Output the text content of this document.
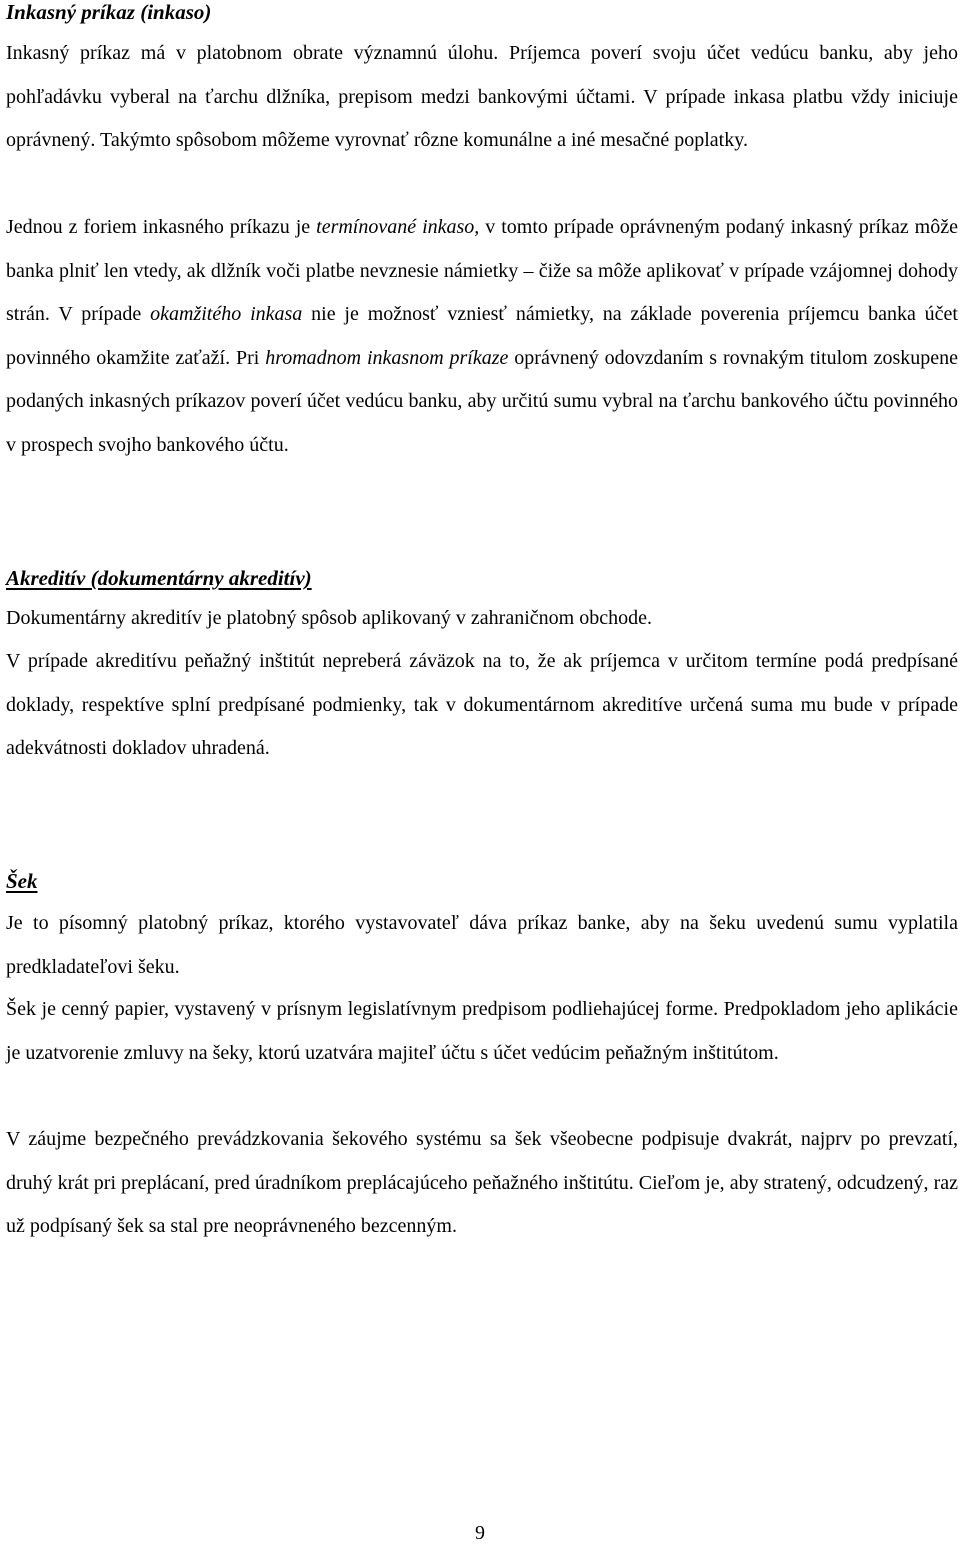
Inkasný príkaz (inkaso)

Inkasný príkaz má v platobnom obrate významnú úlohu. Príjemca poverí svoju účet vedúcu banku, aby jeho pohľadávku vyberal na ťarchu dlžníka, prepisom medzi bankovými účtami. V prípade inkasa platbu vždy iniciuje oprávnený. Takýmto spôsobom môžeme vyrovnať rôzne komunálne a iné mesačné poplatky.

Jednou z foriem inkasného príkazu je termínované inkaso, v tomto prípade oprávneným podaný inkasný príkaz môže banka plniť len vtedy, ak dlžník voči platbe nevznesie námietky – čiže sa môže aplikovať v prípade vzájomnej dohody strán. V prípade okamžitého inkasa nie je možnosť vzniesť námietky, na základe poverenia príjemcu banka účet povinného okamžite zaťaží. Pri hromadnom inkasnom príkaze oprávnený odovzdaním s rovnakým titulom zoskupene podaných inkasných príkazov poverí účet vedúcu banku, aby určitú sumu vybral na ťarchu bankového účtu povinného v prospech svojho bankového účtu.

Akreditív (dokumentárny akreditív)

Dokumentárny akreditív je platobný spôsob aplikovaný v zahraničnom obchode.

V prípade akreditívu peňažný inštitút nepreberá záväzok na to, že ak príjemca v určitom termíne podá predpísané doklady, respektíve splní predpísané podmienky, tak v dokumentárnom akreditíve určená suma mu bude v prípade adekvátnosti dokladov uhradená.

Šek

Je to písomný platobný príkaz, ktorého vystavovateľ dáva príkaz banke, aby na šeku uvedenú sumu vyplatila predkladateľovi šeku.

Šek je cenný papier, vystavený v prísnym legislatívnym predpisom podliehajúcej forme. Predpokladom jeho aplikácie je uzatvorenie zmluvy na šeky, ktorú uzatvára majiteľ účtu s účet vedúcim peňažným inštitútom.

V záujme bezpečného prevádzkovania šekového systému sa šek všeobecne podpisuje dvakrát, najprv po prevzatí, druhý krát pri preplácaní, pred úradníkom preplácajúceho peňažného inštitútu. Cieľom je, aby stratený, odcudzený, raz už podpísaný šek sa stal pre neoprávneného bezcenným.

9
